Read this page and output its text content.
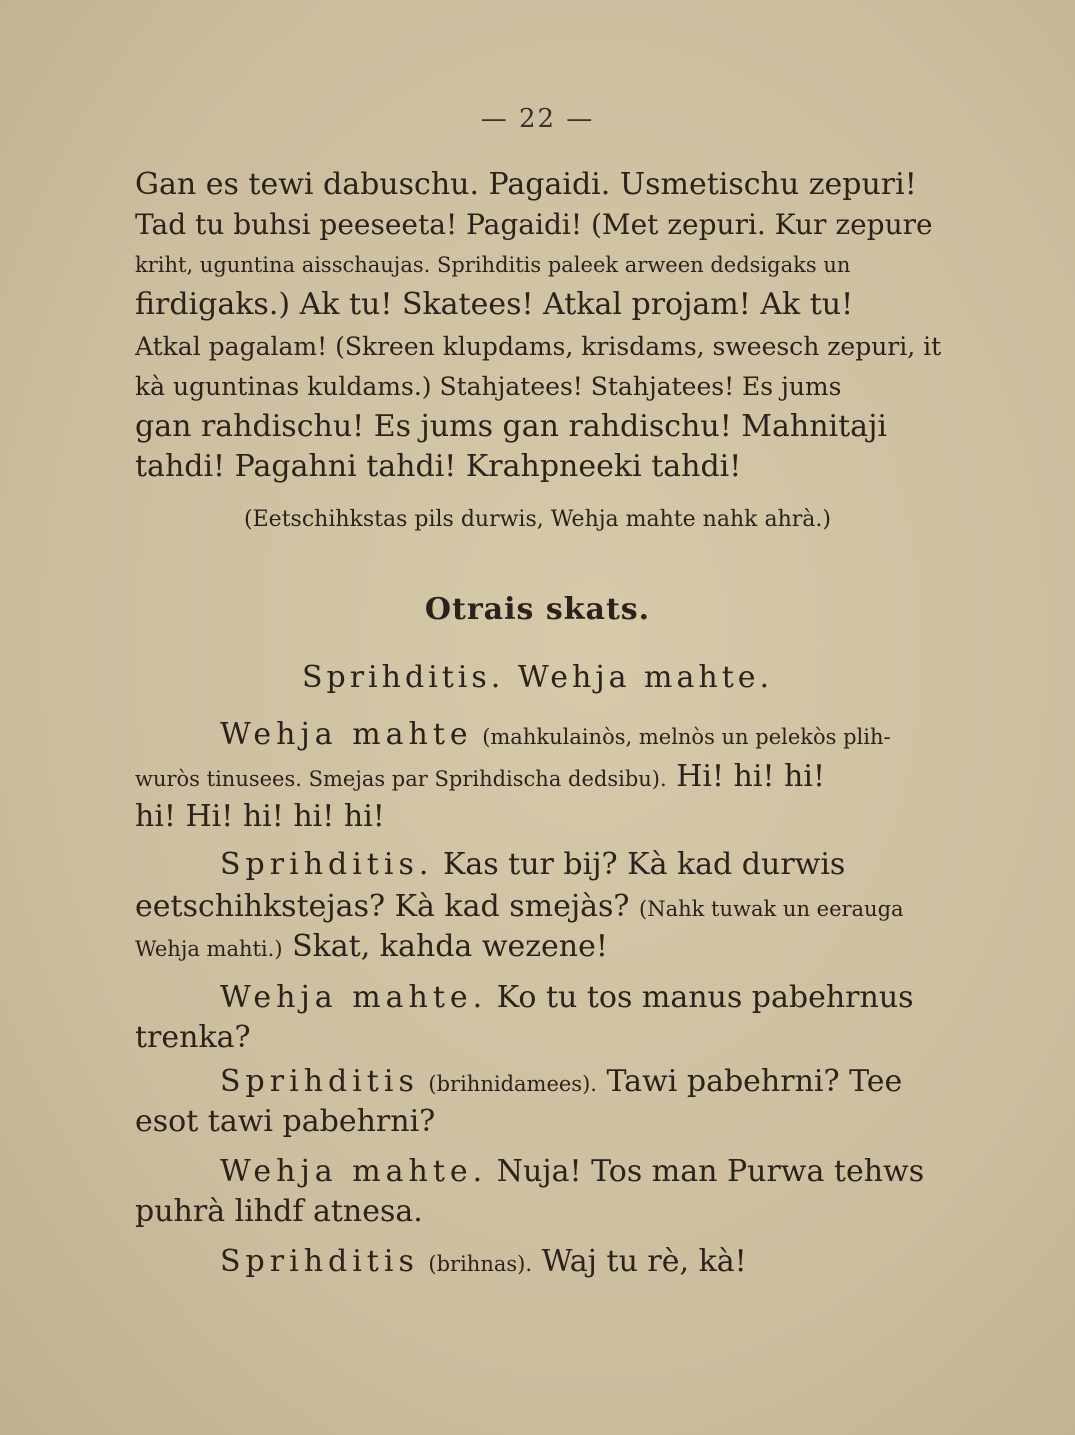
— 22 —
Gan es tewi dabuschu. Pagaidi. Usmetischu zepuri!
Tad tu buhsi peeseeta! Pagaidi! (Met zepuri. Kur zepure
kriht, uguntina aisschaujas. Sprihditis paleek arween dedsigaks un
firdigaks.) Ak tu! Skatees! Atkal projam! Ak tu!
Atkal pagalam! (Skreen klupdams, krisdams, sweesch zepuri, it
kà uguntinas kuldams.) Stahjatees! Stahjatees! Es jums
gan rahdischu! Es jums gan rahdischu! Mahnitaji
tahdi! Pagahni tahdi! Krahpneeki tahdi!
(Eetschihkstas pils durwis, Wehja mahte nahk ahrà.)
Otrais skats.
Sprihditis. Wehja mahte.
Wehja mahte (mahkulainòs, melnòs un pelekòs plih-
wuròs tinusees. Smejas par Sprihdischa dedsibu). Hi! hi! hi!
hi! Hi! hi! hi! hi!
Sprihditis. Kas tur bij? Kà kad durwis
eetschihkstejas? Kà kad smejàs? (Nahk tuwak un eerauga
Wehja mahti.) Skat, kahda wezene!
Wehja mahte. Ko tu tos manus pabehrnus
trenka?
Sprihditis (brihnidamees). Tawi pabehrni? Tee
esot tawi pabehrni?
Wehja mahte. Nuja! Tos man Purwa tehws
puhrà lihdf atnesa.
Sprihditis (brihnas). Waj tu rè, kà!
